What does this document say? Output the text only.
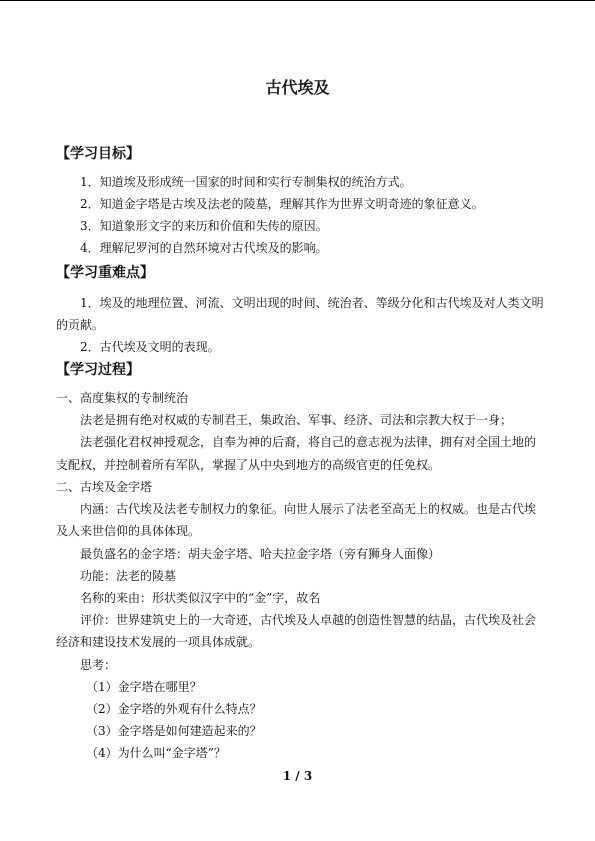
古代埃及
【学习目标】
1．知道埃及形成统一国家的时间和实行专制集权的统治方式。
2．知道金字塔是古埃及法老的陵墓，理解其作为世界文明奇迹的象征意义。
3．知道象形文字的来历和价值和失传的原因。
4．理解尼罗河的自然环境对古代埃及的影响。
【学习重难点】
1．埃及的地理位置、河流、文明出现的时间、统治者、等级分化和古代埃及对人类文明
的贡献。
2．古代埃及文明的表现。
【学习过程】
一、高度集权的专制统治
法老是拥有绝对权威的专制君王，集政治、军事、经济、司法和宗教大权于一身；
法老强化君权神授观念，自奉为神的后裔，将自己的意志视为法律，拥有对全国土地的
支配权，并控制着所有军队，掌握了从中央到地方的高级官吏的任免权。
二、古埃及金字塔
内涵：古代埃及法老专制权力的象征。向世人展示了法老至高无上的权威。也是古代埃
及人来世信仰的具体体现。
最负盛名的金字塔：胡夫金字塔、哈夫拉金字塔（旁有狮身人面像）
功能：法老的陵墓
名称的来由：形状类似汉字中的“金”字，故名
评价：世界建筑史上的一大奇迹，古代埃及人卓越的创造性智慧的结晶，古代埃及社会
经济和建设技术发展的一项具体成就。
思考：
（1）金字塔在哪里？
（2）金字塔的外观有什么特点？
（3）金字塔是如何建造起来的？
（4）为什么叫“金字塔”？
1 / 3
